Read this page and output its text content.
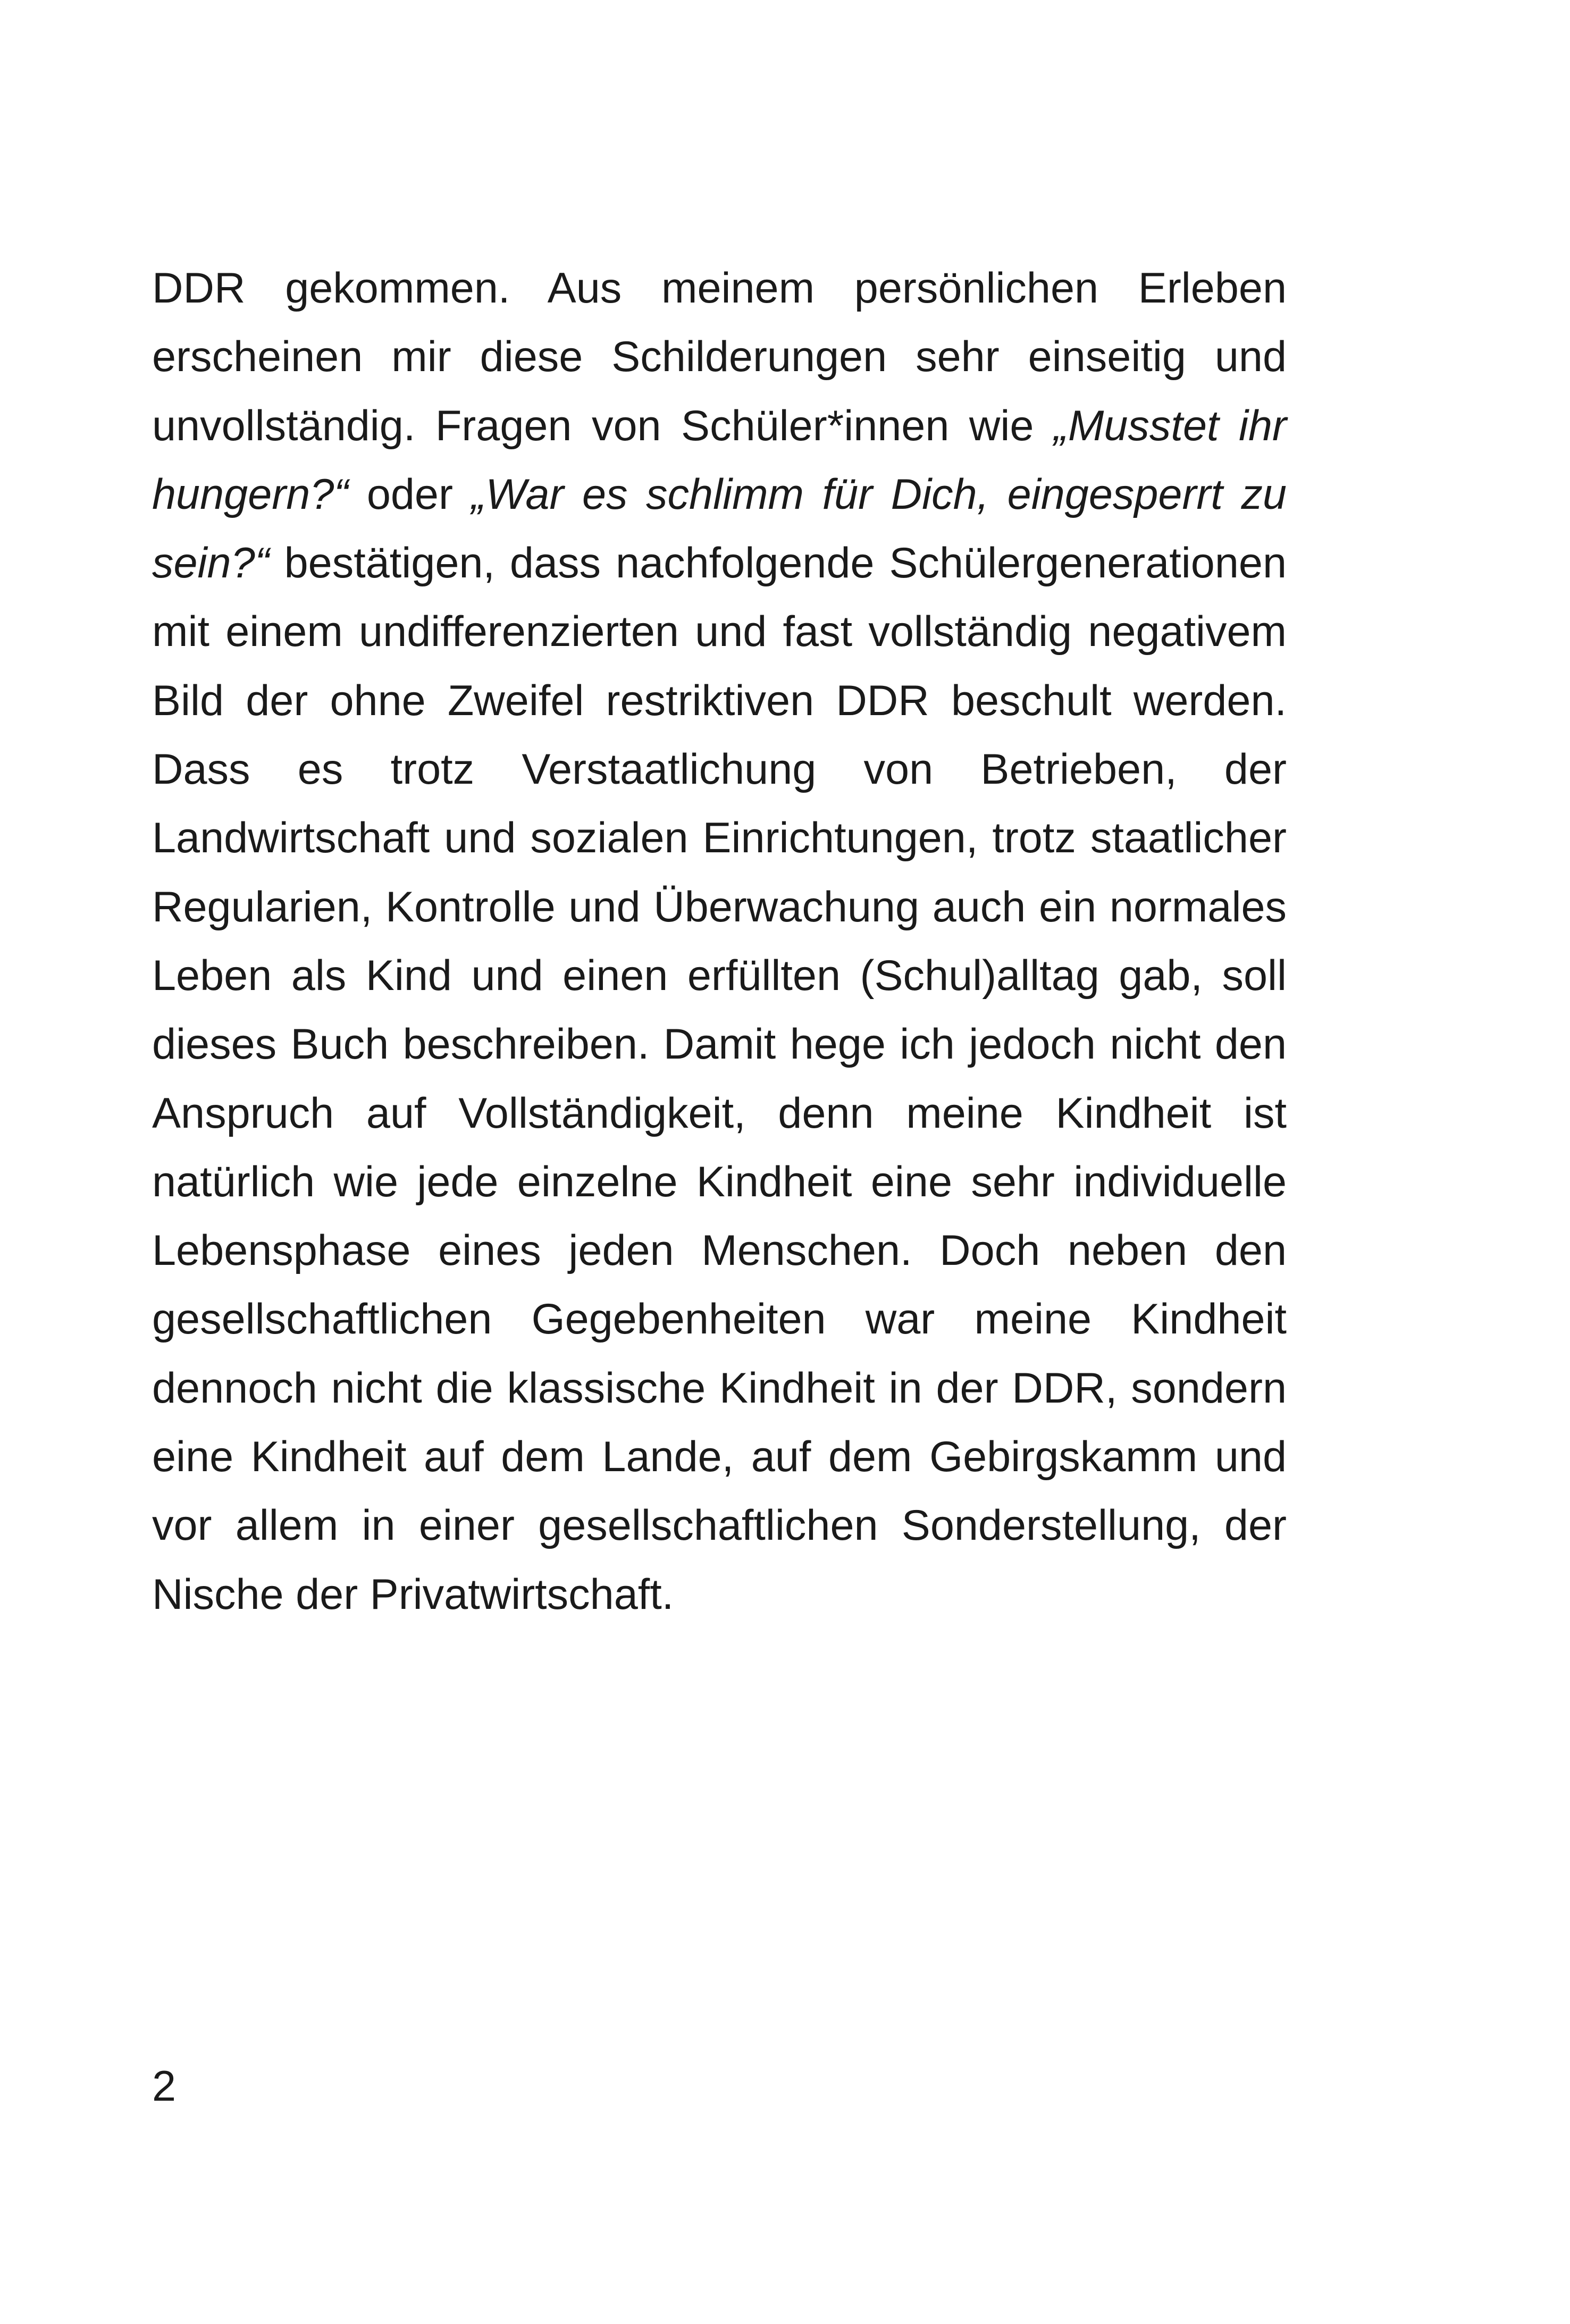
DDR gekommen. Aus meinem persönlichen Erleben erscheinen mir diese Schilderungen sehr einseitig und unvollständig. Fragen von Schüler*innen wie „Musstet ihr hungern?“ oder „War es schlimm für Dich, eingesperrt zu sein?“ bestätigen, dass nachfolgende Schülergenerationen mit einem undifferenzierten und fast vollständig negativem Bild der ohne Zweifel restriktiven DDR beschult werden. Dass es trotz Verstaatlichung von Betrieben, der Landwirtschaft und sozialen Einrichtungen, trotz staatlicher Regularien, Kontrolle und Überwachung auch ein normales Leben als Kind und einen erfüllten (Schul)alltag gab, soll dieses Buch beschreiben. Damit hege ich jedoch nicht den Anspruch auf Vollständigkeit, denn meine Kindheit ist natürlich wie jede einzelne Kindheit eine sehr individuelle Lebensphase eines jeden Menschen. Doch neben den gesellschaftlichen Gegebenheiten war meine Kindheit dennoch nicht die klassische Kindheit in der DDR, sondern eine Kindheit auf dem Lande, auf dem Gebirgskamm und vor allem in einer gesellschaftlichen Sonderstellung, der Nische der Privatwirtschaft.

2
